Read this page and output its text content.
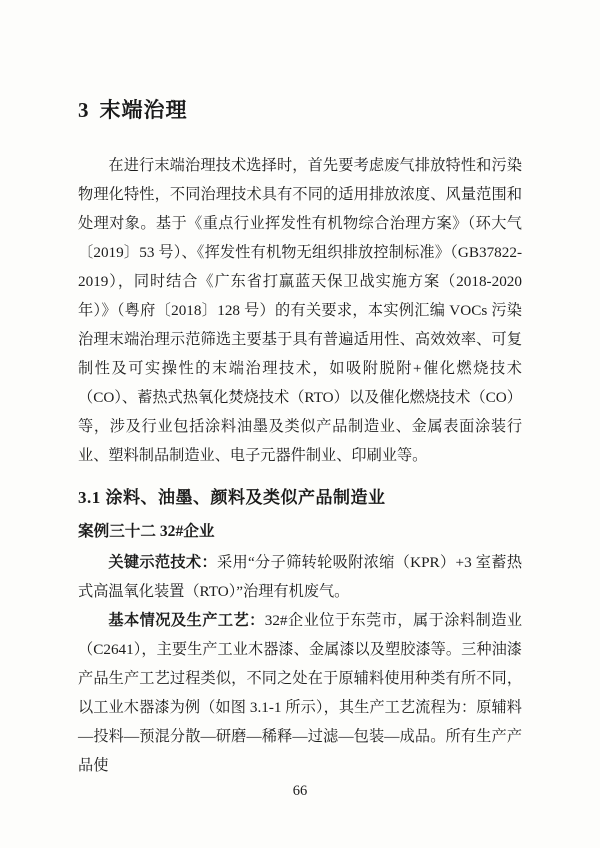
3 末端治理

在进行末端治理技术选择时，首先要考虑废气排放特性和污染物理化特性，不同治理技术具有不同的适用排放浓度、风量范围和处理对象。基于《重点行业挥发性有机物综合治理方案》（环大气〔2019〕53 号）、《挥发性有机物无组织排放控制标准》（GB37822-2019），同时结合《广东省打赢蓝天保卫战实施方案（2018-2020 年）》（粤府〔2018〕128 号）的有关要求，本实例汇编 VOCs 污染治理末端治理示范筛选主要基于具有普遍适用性、高效效率、可复制性及可实操性的末端治理技术，如吸附脱附+催化燃烧技术（CO）、蓄热式热氧化焚烧技术（RTO）以及催化燃烧技术（CO）等，涉及行业包括涂料油墨及类似产品制造业、金属表面涂装行业、塑料制品制造业、电子元器件制业、印刷业等。

3.1 涂料、油墨、颜料及类似产品制造业
案例三十二 32#企业

关键示范技术：采用“分子筛转轮吸附浓缩（KPR）+3 室蓄热式高温氧化装置（RTO）”治理有机废气。

基本情况及生产工艺：32#企业位于东莞市，属于涂料制造业（C2641），主要生产工业木器漆、金属漆以及塑胶漆等。三种油漆产品生产工艺过程类似，不同之处在于原辅料使用种类有所不同，以工业木器漆为例（如图 3.1-1 所示），其生产工艺流程为：原辅料—投料—预混分散—研磨—稀释—过滤—包装—成品。所有生产产品使

66
